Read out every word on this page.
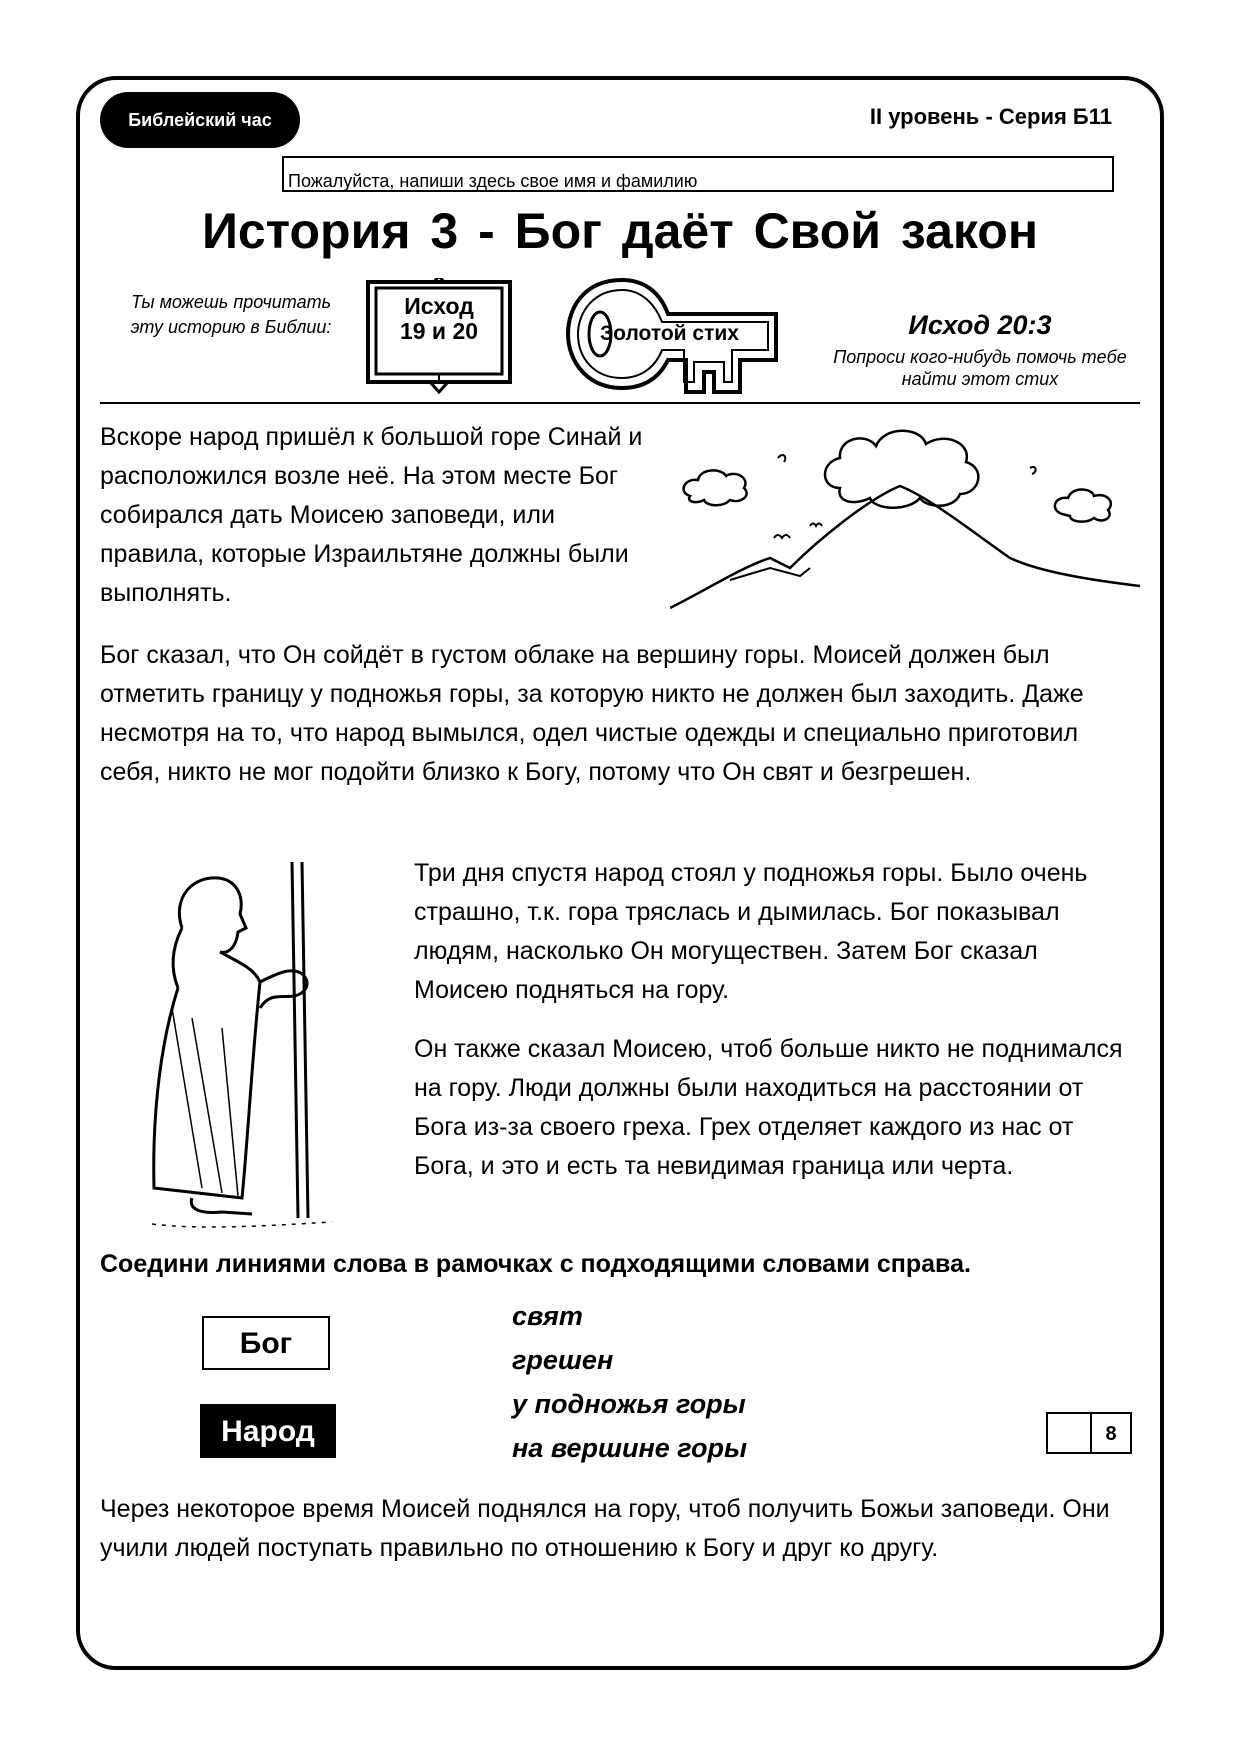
Библейский час	II уровень - Серия Б11
Пожалуйста, напиши здесь свое имя и фамилию
История 3 - Бог даёт Свой закон
Ты можешь прочитать эту историю в Библии:
Исход
19 и 20	Золотой стих	Исход 20:3
Попроси кого-нибудь помочь тебе найти этот стих

Вскоре народ пришёл к большой горе Синай и расположился возле неё. На этом месте Бог собирался дать Моисею заповеди, или правила, которые Израильтяне должны были выполнять.

Бог сказал, что Он сойдёт в густом облаке на вершину горы. Моисей должен был отметить границу у подножья горы, за которую никто не должен был заходить. Даже несмотря на то, что народ вымылся, одел чистые одежды и специально приготовил себя, никто не мог подойти близко к Богу, потому что Он свят и безгрешен.

Три дня спустя народ стоял у подножья горы. Было очень страшно, т.к. гора тряслась и дымилась. Бог показывал людям, насколько Он могуществен. Затем Бог сказал Моисею подняться на гору.

Он также сказал Моисею, чтоб больше никто не поднимался на гору. Люди должны были находиться на расстоянии от Бога из-за своего греха. Грех отделяет каждого из нас от Бога, и это и есть та невидимая граница или черта.

Соедини линиями слова в рамочках с подходящими словами справа.
Бог
Народ
свят
грешен
у подножья горы
на вершине горы	8

Через некоторое время Моисей поднялся на гору, чтоб получить Божьи заповеди. Они учили людей поступать правильно по отношению к Богу и друг ко другу.
